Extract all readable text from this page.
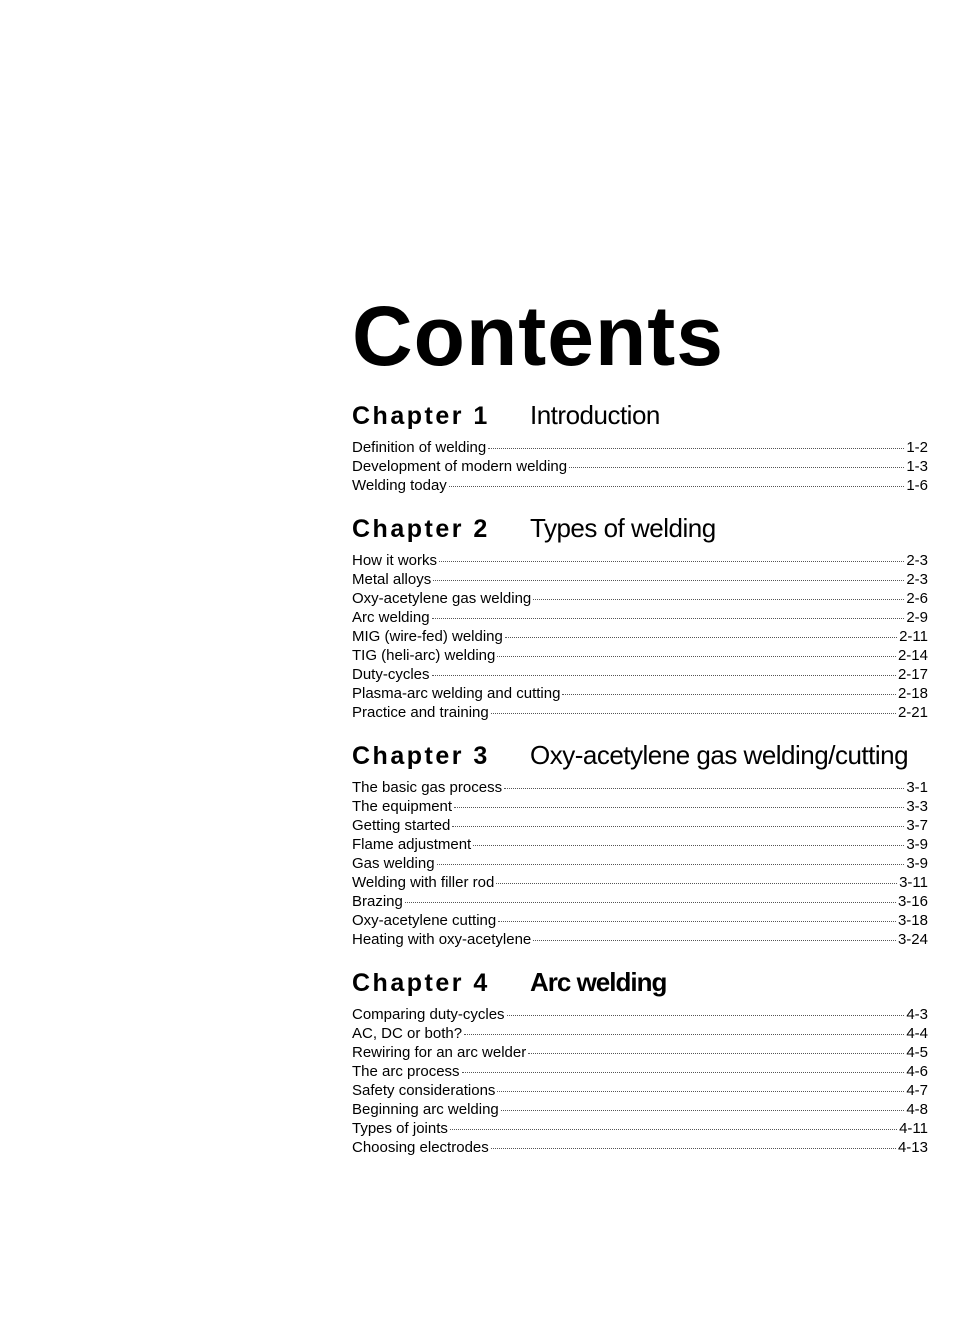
Contents
Chapter 1	Introduction
Definition of welding	1-2
Development of modern welding	1-3
Welding today	1-6
Chapter 2	Types of welding
How it works	2-3
Metal alloys	2-3
Oxy-acetylene gas welding	2-6
Arc welding	2-9
MIG (wire-fed) welding	2-11
TIG (heli-arc) welding	2-14
Duty-cycles	2-17
Plasma-arc welding and cutting	2-18
Practice and training	2-21
Chapter 3	Oxy-acetylene gas welding/cutting
The basic gas process	3-1
The equipment	3-3
Getting started	3-7
Flame adjustment	3-9
Gas welding	3-9
Welding with filler rod	3-11
Brazing	3-16
Oxy-acetylene cutting	3-18
Heating with oxy-acetylene	3-24
Chapter 4	Arc welding
Comparing duty-cycles	4-3
AC, DC or both?	4-4
Rewiring for an arc welder	4-5
The arc process	4-6
Safety considerations	4-7
Beginning arc welding	4-8
Types of joints	4-11
Choosing electrodes	4-13
